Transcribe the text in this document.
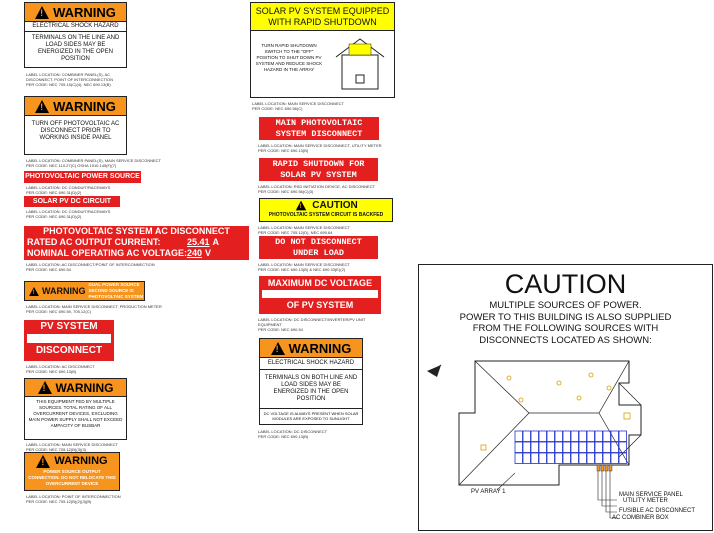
!
WARNING
ELECTRICAL SHOCK HAZARD
TERMINALS ON THE LINE AND LOAD SIDES MAY BE ENERGIZED IN THE OPEN POSITION
LABEL LOCATION: COMBINER PANEL(S), AC
DISCONNECT, POINT OF INTERCONNECTION
PER CODE: NEC 705.15(C)(4), NEC 690.13(B)
!
WARNING
TURN OFF PHOTOVOLTAIC AC DISCONNECT PRIOR TO WORKING INSIDE PANEL
LABEL LOCATION: COMBINER PANEL(S), MAIN SERVICE DISCONNECT
PER CODE: NEC 110.27(C) OSHA 1910.145(F)(7)
PHOTOVOLTAIC POWER SOURCE
LABEL LOCATION: DC CONDUIT/RACEWAYS
PER CODE: NEC 690.31(D)(2)
SOLAR PV DC CIRCUIT
LABEL LOCATION: DC CONDUIT/RACEWAYS
PER CODE: NEC 690.31(D)(2)
PHOTOVOLTAIC SYSTEM AC DISCONNECT
RATED AC OUTPUT CURRENT:	25.41 A
NOMINAL OPERATING AC VOLTAGE: 240 V
LABEL LOCATION: AC DISCONNECT/POINT OF INTERCONNECTION
PER CODE: NEC 690.54
!
WARNING
DUAL POWER SOURCE
SECOND SOURCE IS PHOTOVOLTAIC SYSTEM
LABEL LOCATION: MAIN SERVICE DISCONNECT, PRODUCTION METER
PER CODE: NEC 690.59, 705.12(C)
PV SYSTEM
DISCONNECT
LABEL LOCATION: AC DISCONNECT
PER CODE: NEC 690.13(B)
!
WARNING
THIS EQUIPMENT FED BY MULTIPLE SOURCES. TOTAL RATING OF ALL OVERCURRENT DEVICES, EXCLUDING MAIN POWER SUPPLY SHALL NOT EXCEED AMPACITY OF BUSBAR
LABEL LOCATION: MAIN SERVICE DISCONNECT
PER CODE: NEC 705.12(B)(3)(3)
!
WARNING
POWER SOURCE OUTPUT CONNECTION. DO NOT RELOCATE THIS OVERCURRENT DEVICE
LABEL LOCATION: POINT OF INTERCONNECTION
PER CODE: NEC 705.12(B)(2)(3)(B)
SOLAR PV SYSTEM EQUIPPED
WITH RAPID SHUTDOWN
TURN RAPID SHUTDOWN SWITCH TO THE "OFF" POSITION TO SHUT DOWN PV SYSTEM AND REDUCE SHOCK HAZARD IN THE ARRAY
LABEL LOCATION: MAIN SERVICE DISCONNECT
PER CODE: NEC 690.56(C)
MAIN PHOTOVOLTAIC
SYSTEM DISCONNECT
LABEL LOCATION: MAIN SERVICE DISCONNECT, UTILITY METER
PER CODE: NEC 690.13(B)
RAPID SHUTDOWN FOR
SOLAR PV SYSTEM
LABEL LOCATION: RSD INITIATION DEVICE, AC DISCONNECT
PER CODE: NEC 690.56(C)(3)
!
CAUTION
PHOTOVOLTAIC SYSTEM CIRCUIT IS BACKFED
LABEL LOCATION: MAIN SERVICE DISCONNECT
PER CODE: NEC 705.12(D), NEC 690.64
DO NOT DISCONNECT
UNDER LOAD
LABEL LOCATION: MAIN SERVICE DISCONNECT
PER CODE: NEC 690.13(B) & NEC 690.33(E)(2)
MAXIMUM DC VOLTAGE
OF PV SYSTEM
LABEL LOCATION: DC DISCONNECT/INVERTER/PV UNIT
EQUIPMENT
PER CODE: NEC 690.54
!
WARNING
ELECTRICAL SHOCK HAZARD
TERMINALS ON BOTH LINE AND LOAD SIDES MAY BE ENERGIZED IN THE OPEN POSITION
DC VOLTAGE IS ALWAYS PRESENT WHEN SOLAR MODULES ARE EXPOSED TO SUNLIGHT
LABEL LOCATION: DC DISCONNECT
PER CODE: NEC 690.13(B)
CAUTION
MULTIPLE SOURCES OF POWER.
POWER TO THIS BUILDING IS ALSO SUPPLIED
FROM THE FOLLOWING SOURCES WITH
DISCONNECTS LOCATED AS SHOWN:
PV ARRAY 1	MAIN SERVICE PANEL
UTILITY METER
FUSIBLE AC DISCONNECT
AC COMBINER BOX
